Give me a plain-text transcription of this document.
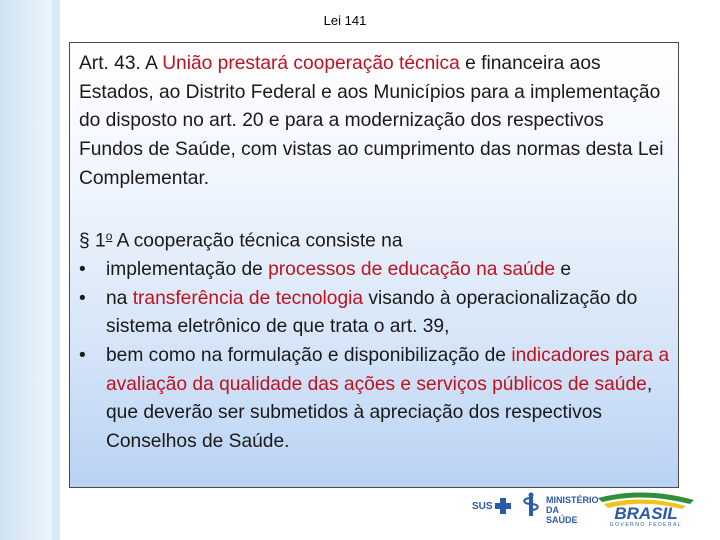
Lei 141
Art. 43. A União prestará cooperação técnica e financeira aos Estados, ao Distrito Federal e aos Municípios para a implementação do disposto no art. 20 e para a modernização dos respectivos Fundos de Saúde, com vistas ao cumprimento das normas desta Lei Complementar.
§ 1$^o$ A cooperação técnica consiste na
• implementação de processos de educação na saúde e
• na transferência de tecnologia visando à operacionalização do sistema eletrônico de que trata o art. 39,
• bem como na formulação e disponibilização de indicadores para a avaliação da qualidade das ações e serviços públicos de saúde, que deverão ser submetidos à apreciação dos respectivos Conselhos de Saúde.
SUS
MINISTÉRIO DA
SAÚDE	BRASIL
GOVERNO FEDERAL
